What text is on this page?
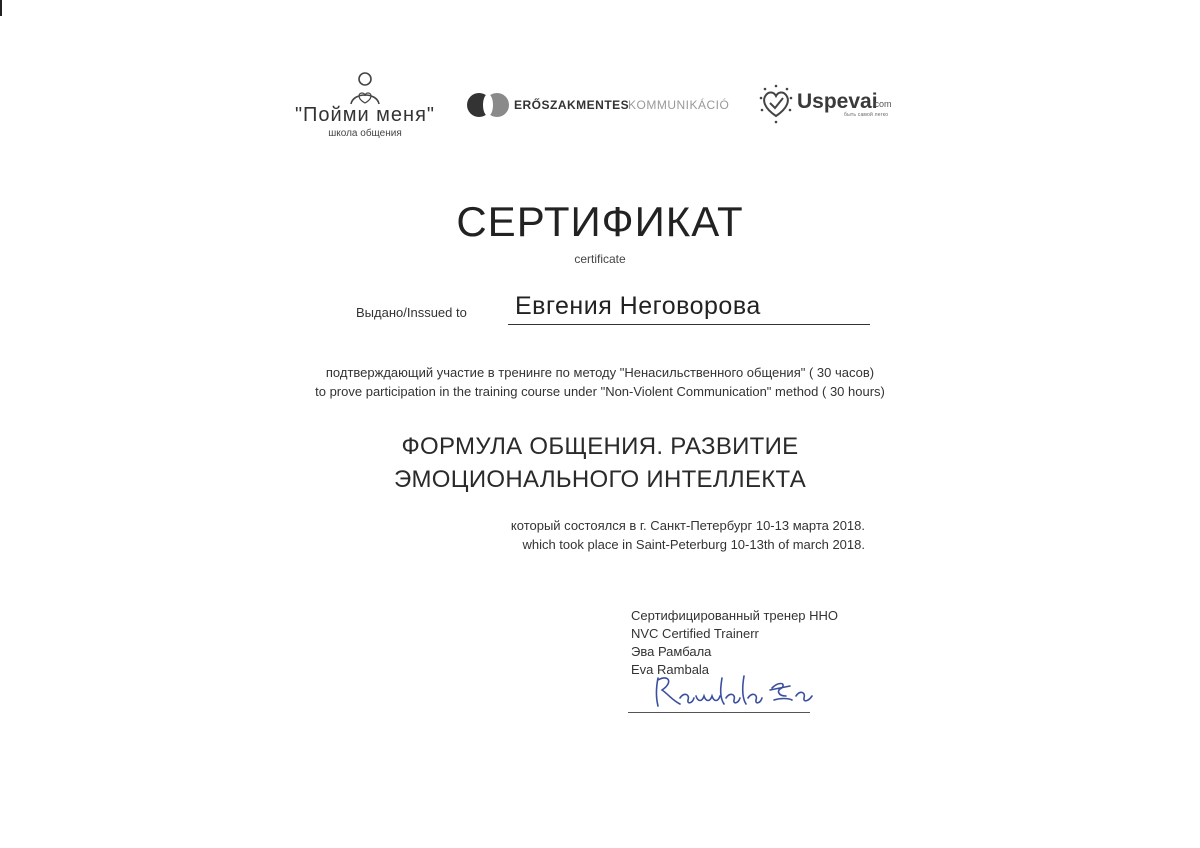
"Пойми меня"
школа общения
ERŐSZAKMENTES
KOMMUNIKÁCIÓ	Uspevai
.com
быть самой легко
СЕРТИФИКАТ
certificate
Выдано/Inssued to Евгения Неговорова
подтверждающий участие в тренинге по методу "Ненасильственного общения" ( 30 часов)
to prove participation in the training course under "Non-Violent Communication" method ( 30 hours)
ФОРМУЛА ОБЩЕНИЯ. РАЗВИТИЕ
ЭМОЦИОНАЛЬНОГО ИНТЕЛЛЕКТА
который состоялся в г. Санкт-Петербург 10-13 марта 2018.
which took place in Saint-Peterburg 10-13th of march 2018.
Сертифицированный тренер ННО
NVC Certified Trainerr
Эва Рамбала
Eva Rambala
